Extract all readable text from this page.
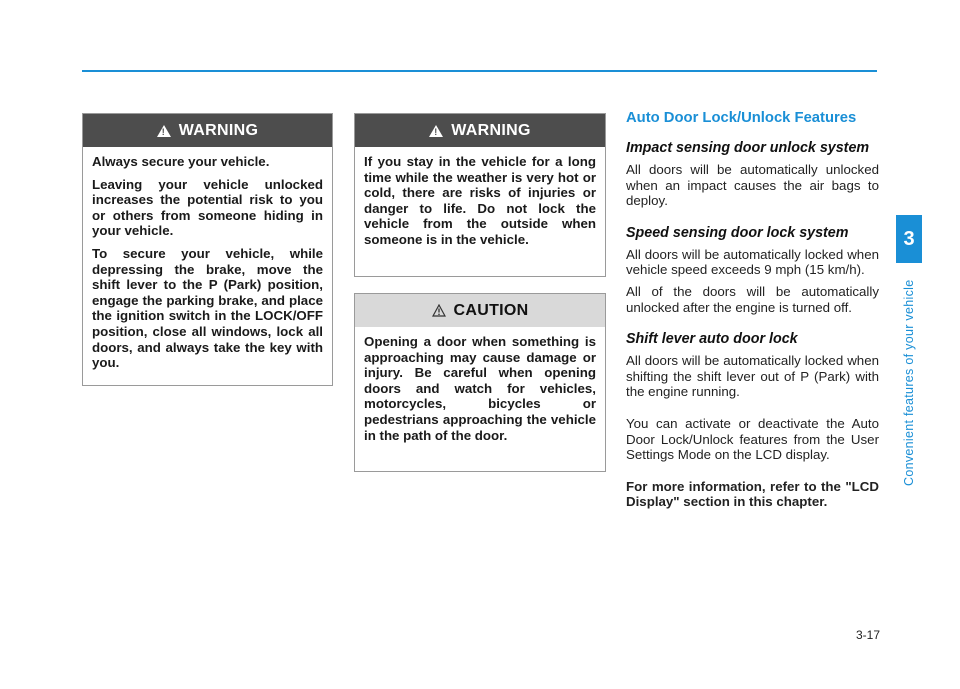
!
WARNING

Always secure your vehicle.

Leaving your vehicle unlocked increases the potential risk to you or others from someone hiding in your vehicle.

To secure your vehicle, while depressing the brake, move the shift lever to the P (Park) position, engage the parking brake, and place the ignition switch in the LOCK/OFF position, close all windows, lock all doors, and always take the key with you.

!
WARNING

If you stay in the vehicle for a long time while the weather is very hot or cold, there are risks of injuries or danger to life. Do not lock the vehicle from the outside when someone is in the vehicle.

CAUTION

Opening a door when something is approaching may cause damage or injury. Be careful when opening doors and watch for vehicles, motorcycles, bicycles or pedestrians approaching the vehicle in the path of the door.

Auto Door Lock/Unlock Features
Impact sensing door unlock system
All doors will be automatically unlocked when an impact causes the air bags to deploy.
Speed sensing door lock system
All doors will be automatically locked when vehicle speed exceeds 9 mph (15 km/h).
All of the doors will be automatically unlocked after the engine is turned off.
Shift lever auto door lock
All doors will be automatically locked when shifting the shift lever out of P (Park) with the engine running.
You can activate or deactivate the Auto Door Lock/Unlock features from the User Settings Mode on the LCD display.
For more information, refer to the "LCD Display" section in this chapter.
3
Convenient features of your vehicle
3-17
